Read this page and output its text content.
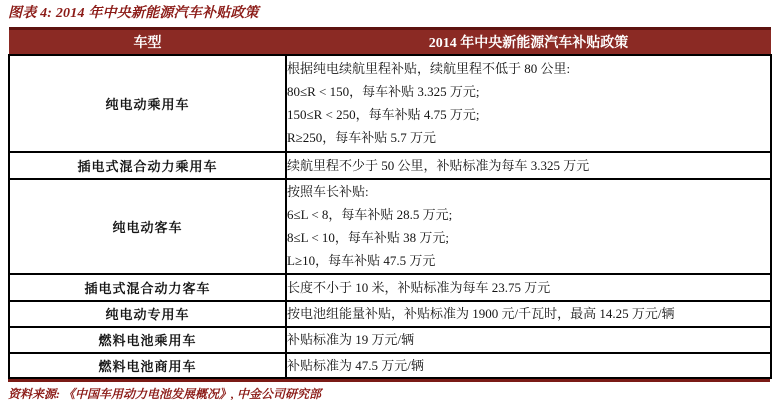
图表 4: 2014 年中央新能源汽车补贴政策
车型	2014 年中央新能源汽车补贴政策
纯电动乘用车	根据纯电续航里程补贴，续航里程不低于 80 公里:
80≤R < 150，每车补贴 3.325 万元;
150≤R < 250，每车补贴 4.75 万元;
R≥250，每车补贴 5.7 万元

插电式混合动力乘用车	续航里程不少于 50 公里，补贴标准为每车 3.325 万元

纯电动客车	按照车长补贴:
6≤L < 8，每车补贴 28.5 万元;
8≤L < 10，每车补贴 38 万元;
L≥10，每车补贴 47.5 万元

插电式混合动力客车	长度不小于 10 米，补贴标准为每车 23.75 万元

纯电动专用车	按电池组能量补贴，补贴标准为 1900 元/千瓦时，最高 14.25 万元/辆

燃料电池乘用车	补贴标准为 19 万元/辆

燃料电池商用车	补贴标准为 47.5 万元/辆
资料来源: 《中国车用动力电池发展概况》, 中金公司研究部
